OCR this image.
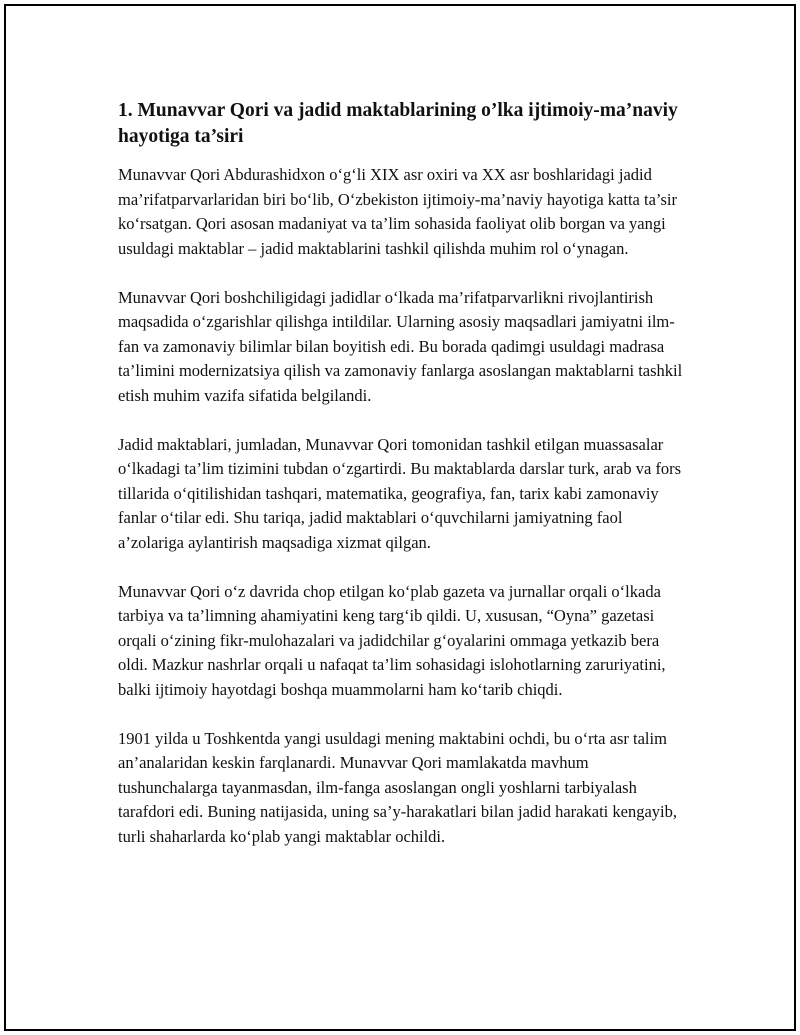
1. Munavvar Qori va jadid maktablarining o’lka ijtimoiy-ma’naviy hayotiga ta’siri

Munavvar Qori Abdurashidxon o‘g‘li XIX asr oxiri va XX asr boshlaridagi jadid ma’rifatparvarlaridan biri bo‘lib, O‘zbekiston ijtimoiy-ma’naviy hayotiga katta ta’sir ko‘rsatgan. Qori asosan madaniyat va ta’lim sohasida faoliyat olib borgan va yangi usuldagi maktablar – jadid maktablarini tashkil qilishda muhim rol o‘ynagan.

Munavvar Qori boshchiligidagi jadidlar o‘lkada ma’rifatparvarlikni rivojlantirish maqsadida o‘zgarishlar qilishga intildilar. Ularning asosiy maqsadlari jamiyatni ilm-fan va zamonaviy bilimlar bilan boyitish edi. Bu borada qadimgi usuldagi madrasa ta’limini modernizatsiya qilish va zamonaviy fanlarga asoslangan maktablarni tashkil etish muhim vazifa sifatida belgilandi.

Jadid maktablari, jumladan, Munavvar Qori tomonidan tashkil etilgan muassasalar o‘lkadagi ta’lim tizimini tubdan o‘zgartirdi. Bu maktablarda darslar turk, arab va fors tillarida o‘qitilishidan tashqari, matematika, geografiya, fan, tarix kabi zamonaviy fanlar o‘tilar edi. Shu tariqa, jadid maktablari o‘quvchilarni jamiyatning faol a’zolariga aylantirish maqsadiga xizmat qilgan.

Munavvar Qori o‘z davrida chop etilgan ko‘plab gazeta va jurnallar orqali o‘lkada tarbiya va ta’limning ahamiyatini keng targ‘ib qildi. U, xususan, “Oyna” gazetasi orqali o‘zining fikr-mulohazalari va jadidchilar g‘oyalarini ommaga yetkazib bera oldi. Mazkur nashrlar orqali u nafaqat ta’lim sohasidagi islohotlarning zaruriyatini, balki ijtimoiy hayotdagi boshqa muammolarni ham ko‘tarib chiqdi.

1901 yilda u Toshkentda yangi usuldagi mening maktabini ochdi, bu o‘rta asr talim an’analaridan keskin farqlanardi. Munavvar Qori mamlakatda mavhum tushunchalarga tayanmasdan, ilm-fanga asoslangan ongli yoshlarni tarbiyalash tarafdori edi. Buning natijasida, uning sa’y-harakatlari bilan jadid harakati kengayib, turli shaharlarda ko‘plab yangi maktablar ochildi.
